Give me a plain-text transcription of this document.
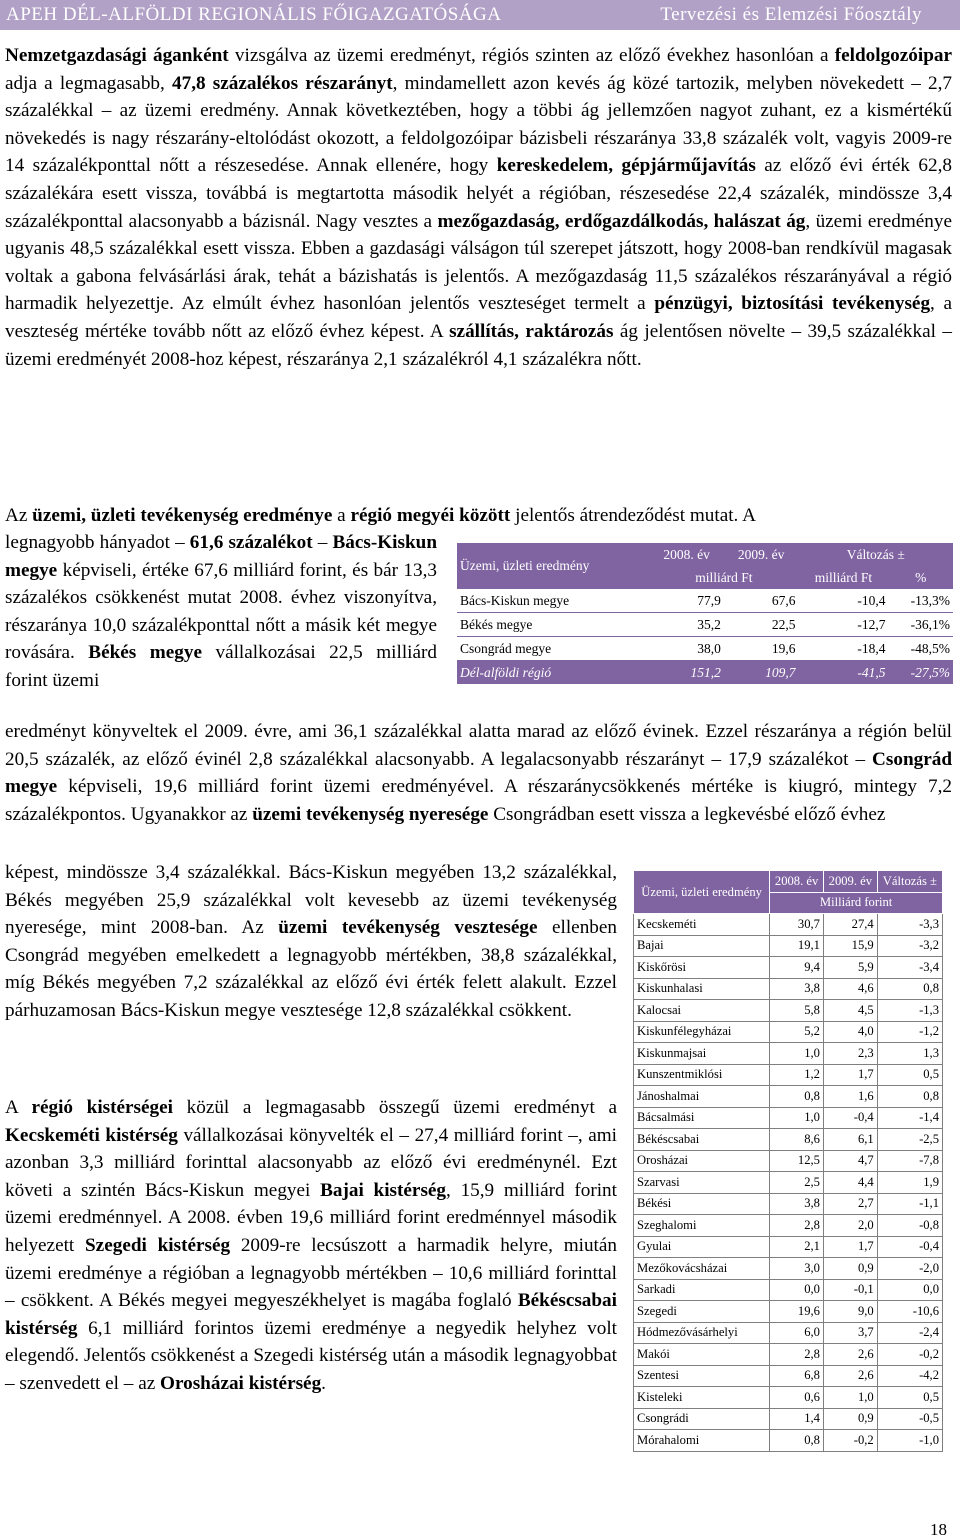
APEH DÉL-ALFÖLDI REGIONÁLIS FŐIGAZGATÓSÁGA	Tervezési és Elemzési Főosztály

Nemzetgazdasági áganként vizsgálva az üzemi eredményt, régiós szinten az előző évekhez hasonlóan a feldolgozóipar adja a legmagasabb, 47,8 százalékos részarányt, mindamellett azon kevés ág közé tartozik, melyben növekedett – 2,7 százalékkal – az üzemi eredmény. Annak következtében, hogy a többi ág jellemzően nagyot zuhant, ez a kismértékű növekedés is nagy részarány-eltolódást okozott, a feldolgozóipar bázisbeli részaránya 33,8 százalék volt, vagyis 2009-re 14 százalékponttal nőtt a részesedése. Annak ellenére, hogy kereskedelem, gépjárműjavítás az előző évi érték 62,8 százalékára esett vissza, továbbá is megtartotta második helyét a régióban, részesedése 22,4 százalék, mindössze 3,4 százalékponttal alacsonyabb a bázisnál. Nagy vesztes a mezőgazdaság, erdőgazdálkodás, halászat ág, üzemi eredménye ugyanis 48,5 százalékkal esett vissza. Ebben a gazdasági válságon túl szerepet játszott, hogy 2008-ban rendkívül magasak voltak a gabona felvásárlási árak, tehát a bázishatás is jelentős. A mezőgazdaság 11,5 százalékos részarányával a régió harmadik helyezettje. Az elmúlt évhez hasonlóan jelentős veszteséget termelt a pénzügyi, biztosítási tevékenység, a veszteség mértéke tovább nőtt az előző évhez képest. A szállítás, raktározás ág jelentősen növelte – 39,5 százalékkal – üzemi eredményét 2008-hoz képest, részaránya 2,1 százalékról 4,1 százalékra nőtt.

Az üzemi, üzleti tevékenység eredménye a régió megyéi között jelentős átrendeződést mutat. A

legnagyobb hányadot – 61,6 százalékot – Bács-Kiskun megye képviseli, értéke 67,6 milliárd forint, és bár 13,3 százalékos csökkenést mutat 2008. évhez viszonyítva, részaránya 10,0 százalékponttal nőtt a másik két megye rovására. Békés megye vállalkozásai 22,5 milliárd forint üzemi

eredményt könyveltek el 2009. évre, ami 36,1 százalékkal alatta marad az előző évinek. Ezzel részaránya a régión belül 20,5 százalék, az előző évinél 2,8 százalékkal alacsonyabb. A legalacsonyabb részarányt – 17,9 százalékot – Csongrád megye képviseli, 19,6 milliárd forint üzemi eredményével. A részaránycsökkenés mértéke is kiugró, mintegy 7,2 százalékpontos. Ugyanakkor az üzemi tevékenység nyeresége Csongrádban esett vissza a legkevésbé előző évhez

képest, mindössze 3,4 százalékkal. Bács-Kiskun megyében 13,2 százalékkal, Békés megyében 25,9 százalékkal volt kevesebb az üzemi tevékenység nyeresége, mint 2008-ban. Az üzemi tevékenység vesztesége ellenben Csongrád megyében emelkedett a legnagyobb mértékben, 38,8 százalékkal, míg Békés megyében 7,2 százalékkal az előző évi érték felett alakult. Ezzel párhuzamosan Bács-Kiskun megye vesztesége 12,8 százalékkal csökkent.

A régió kistérségei közül a legmagasabb összegű üzemi eredményt a Kecskeméti kistérség vállalkozásai könyvelték el – 27,4 milliárd forint –, ami azonban 3,3 milliárd forinttal alacsonyabb az előző évi eredménynél. Ezt követi a szintén Bács-Kiskun megyei Bajai kistérség, 15,9 milliárd forint üzemi eredménnyel. A 2008. évben 19,6 milliárd forint eredménnyel második helyezett Szegedi kistérség 2009-re lecsúszott a harmadik helyre, miután üzemi eredménye a régióban a legnagyobb mértékben – 10,6 milliárd forinttal – csökkent. A Békés megyei megyeszékhelyet is magába foglaló Békéscsabai kistérség 6,1 milliárd forintos üzemi eredménye a negyedik helyhez volt elegendő. Jelentős csökkenést a Szegedi kistérség után a második legnagyobbat – szenvedett el – az Orosházai kistérség.

Üzemi, üzleti eredmény	2008. év	2009. év	Változás ±	
	milliárd Ft		milliárd Ft	%
Bács-Kiskun megye	77,9	67,6	-10,4	-13,3%
Békés megye	35,2	22,5	-12,7	-36,1%
Csongrád megye	38,0	19,6	-18,4	-48,5%
Dél-alföldi régió	151,2	109,7	-41,5	-27,5%
Üzemi, üzleti eredmény	2008. év	2009. év	Változás ±
	Milliárd forint		
Kecskeméti	30,7	27,4	-3,3
Bajai	19,1	15,9	-3,2
Kiskőrösi	9,4	5,9	-3,4
Kiskunhalasi	3,8	4,6	0,8
Kalocsai	5,8	4,5	-1,3
Kiskunfélegyházai	5,2	4,0	-1,2
Kiskunmajsai	1,0	2,3	1,3
Kunszentmiklósi	1,2	1,7	0,5
Jánoshalmai	0,8	1,6	0,8
Bácsalmási	1,0	-0,4	-1,4
Békéscsabai	8,6	6,1	-2,5
Orosházai	12,5	4,7	-7,8
Szarvasi	2,5	4,4	1,9
Békési	3,8	2,7	-1,1
Szeghalomi	2,8	2,0	-0,8
Gyulai	2,1	1,7	-0,4
Mezőkovácsházai	3,0	0,9	-2,0
Sarkadi	0,0	-0,1	0,0
Szegedi	19,6	9,0	-10,6
Hódmezővásárhelyi	6,0	3,7	-2,4
Makói	2,8	2,6	-0,2
Szentesi	6,8	2,6	-4,2
Kisteleki	0,6	1,0	0,5
Csongrádi	1,4	0,9	-0,5
Mórahalomi	0,8	-0,2	-1,0
18
